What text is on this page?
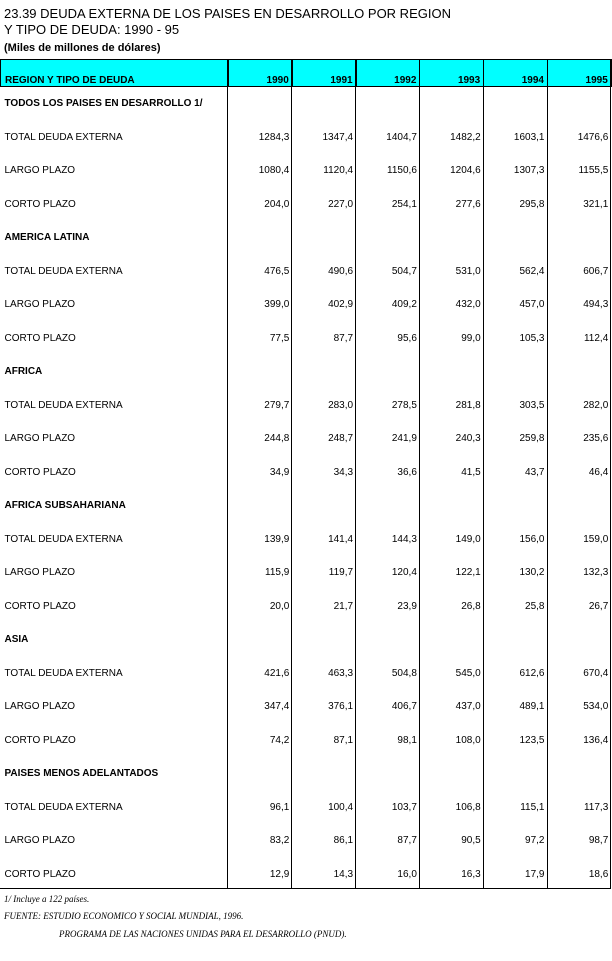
23.39 DEUDA EXTERNA DE LOS PAISES EN DESARROLLO POR REGION
Y TIPO DE DEUDA: 1990 - 95
(Miles de millones de dólares)
REGION Y TIPO DE DEUDA	1990	1991	1992	1993	1994	1995
TODOS LOS PAISES EN DESARROLLO 1/						
TOTAL DEUDA EXTERNA	1284,3	1347,4	1404,7	1482,2	1603,1	1476,6
LARGO PLAZO	1080,4	1120,4	1150,6	1204,6	1307,3	1155,5
CORTO PLAZO	204,0	227,0	254,1	277,6	295,8	321,1
AMERICA LATINA						
TOTAL DEUDA EXTERNA	476,5	490,6	504,7	531,0	562,4	606,7
LARGO PLAZO	399,0	402,9	409,2	432,0	457,0	494,3
CORTO PLAZO	77,5	87,7	95,6	99,0	105,3	112,4
AFRICA						
TOTAL DEUDA EXTERNA	279,7	283,0	278,5	281,8	303,5	282,0
LARGO PLAZO	244,8	248,7	241,9	240,3	259,8	235,6
CORTO PLAZO	34,9	34,3	36,6	41,5	43,7	46,4
AFRICA SUBSAHARIANA						
TOTAL DEUDA EXTERNA	139,9	141,4	144,3	149,0	156,0	159,0
LARGO PLAZO	115,9	119,7	120,4	122,1	130,2	132,3
CORTO PLAZO	20,0	21,7	23,9	26,8	25,8	26,7
ASIA						
TOTAL DEUDA EXTERNA	421,6	463,3	504,8	545,0	612,6	670,4
LARGO PLAZO	347,4	376,1	406,7	437,0	489,1	534,0
CORTO PLAZO	74,2	87,1	98,1	108,0	123,5	136,4
PAISES MENOS ADELANTADOS						
TOTAL DEUDA EXTERNA	96,1	100,4	103,7	106,8	115,1	117,3
LARGO PLAZO	83,2	86,1	87,7	90,5	97,2	98,7
CORTO PLAZO	12,9	14,3	16,0	16,3	17,9	18,6
1/ Incluye a 122 países.
FUENTE: ESTUDIO ECONOMICO Y SOCIAL MUNDIAL, 1996.
PROGRAMA DE LAS NACIONES UNIDAS PARA EL DESARROLLO (PNUD).
